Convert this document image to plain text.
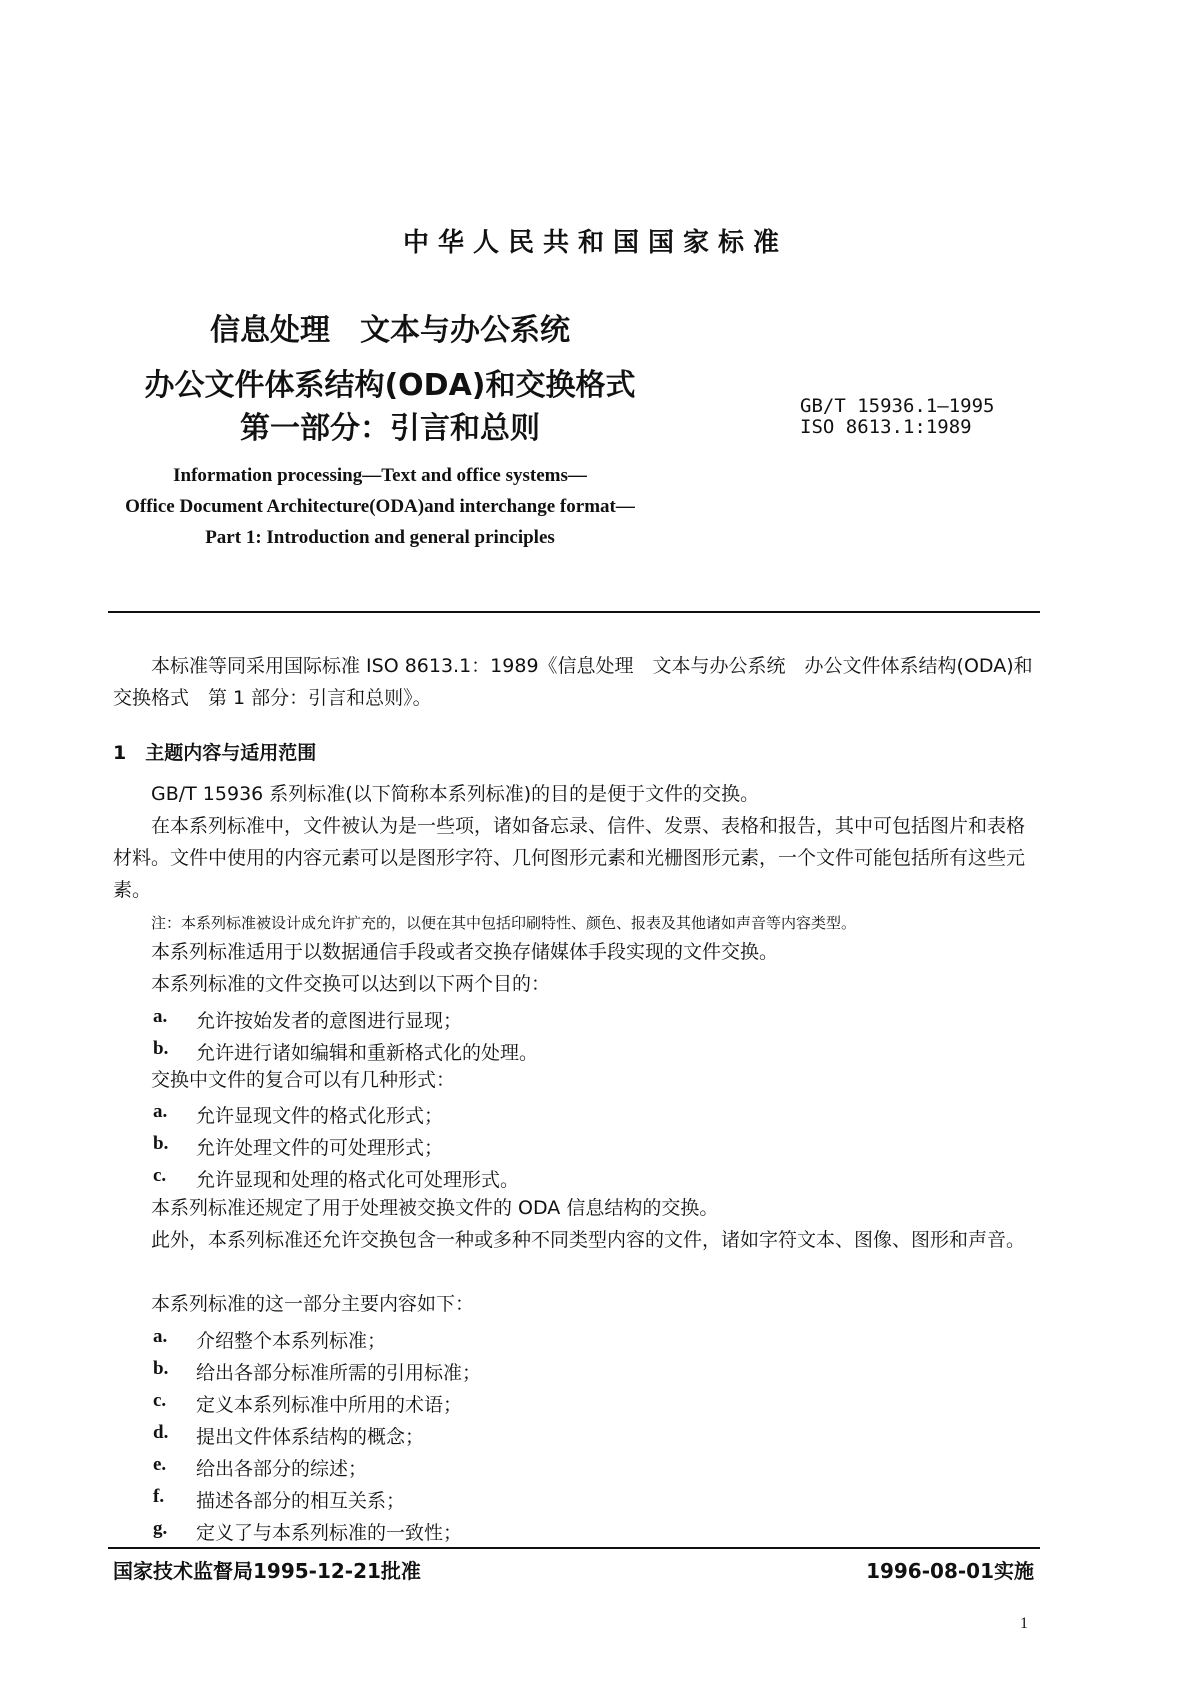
中华人民共和国国家标准
信息处理　文本与办公系统
办公文件体系结构(ODA)和交换格式
第一部分：引言和总则
GB/T 15936.1—1995
ISO 8613.1:1989
Information processing—Text and office systems—
Office Document Architecture(ODA)and interchange format—
Part 1: Introduction and general principles
本标准等同采用国际标准 ISO 8613.1：1989《信息处理　文本与办公系统　办公文件体系结构(ODA)和交换格式　第 1 部分：引言和总则》。
1　主题内容与适用范围
GB/T 15936 系列标准(以下简称本系列标准)的目的是便于文件的交换。
在本系列标准中，文件被认为是一些项，诸如备忘录、信件、发票、表格和报告，其中可包括图片和表格材料。文件中使用的内容元素可以是图形字符、几何图形元素和光栅图形元素，一个文件可能包括所有这些元素。
注：本系列标准被设计成允许扩充的，以便在其中包括印刷特性、颜色、报表及其他诸如声音等内容类型。
本系列标准适用于以数据通信手段或者交换存储媒体手段实现的文件交换。
本系列标准的文件交换可以达到以下两个目的：
a. 允许按始发者的意图进行显现；
b. 允许进行诸如编辑和重新格式化的处理。
交换中文件的复合可以有几种形式：
a. 允许显现文件的格式化形式；
b. 允许处理文件的可处理形式；
c. 允许显现和处理的格式化可处理形式。
本系列标准还规定了用于处理被交换文件的 ODA 信息结构的交换。
此外，本系列标准还允许交换包含一种或多种不同类型内容的文件，诸如字符文本、图像、图形和声音。
本系列标准的这一部分主要内容如下：
a. 介绍整个本系列标准；
b. 给出各部分标准所需的引用标准；
c. 定义本系列标准中所用的术语；
d. 提出文件体系结构的概念；
e. 给出各部分的综述；
f. 描述各部分的相互关系；
g. 定义了与本系列标准的一致性；
国家技术监督局1995-12-21批准	1996-08-01实施
1
